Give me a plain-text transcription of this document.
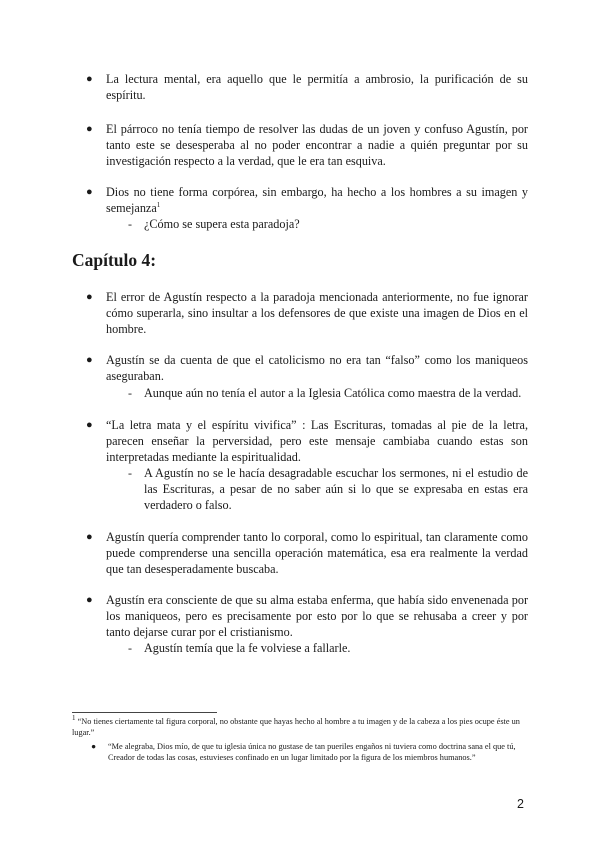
● La lectura mental, era aquello que le permitía a ambrosio, la purificación de su espíritu.
● El párroco no tenía tiempo de resolver las dudas de un joven y confuso Agustín, por tanto este se desesperaba al no poder encontrar a nadie a quién preguntar por su investigación respecto a la verdad, que le era tan esquiva.
● Dios no tiene forma corpórea, sin embargo, ha hecho a los hombres a su imagen y semejanza$^1$
- ¿Cómo se supera esta paradoja?
Capítulo 4:
● El error de Agustín respecto a la paradoja mencionada anteriormente, no fue ignorar cómo superarla, sino insultar a los defensores de que existe una imagen de Dios en el hombre.
● Agustín se da cuenta de que el catolicismo no era tan “falso” como los maniqueos aseguraban.
- Aunque aún no tenía el autor a la Iglesia Católica como maestra de la verdad.
● “La letra mata y el espíritu vivifica” : Las Escrituras, tomadas al pie de la letra, parecen enseñar la perversidad, pero este mensaje cambiaba cuando estas son interpretadas mediante la espiritualidad.
- A Agustín no se le hacía desagradable escuchar los sermones, ni el estudio de las Escrituras, a pesar de no saber aún si lo que se expresaba en estas era verdadero o falso.
● Agustín quería comprender tanto lo corporal, como lo espiritual, tan claramente como puede comprenderse una sencilla operación matemática, esa era realmente la verdad que tan desesperadamente buscaba.
● Agustín era consciente de que su alma estaba enferma, que había sido envenenada por los maniqueos, pero es precisamente por esto por lo que se rehusaba a creer y por tanto dejarse curar por el cristianismo.
- Agustín temía que la fe volviese a fallarle.
$^1$ “No tienes ciertamente tal figura corporal, no obstante que hayas hecho al hombre a tu imagen y de la cabeza a los pies ocupe éste un lugar.”
● “Me alegraba, Dios mío, de que tu iglesia única no gustase de tan pueriles engaños ni tuviera como doctrina sana el que tú, Creador de todas las cosas, estuvieses confinado en un lugar limitado por la figura de los miembros humanos.”
2
